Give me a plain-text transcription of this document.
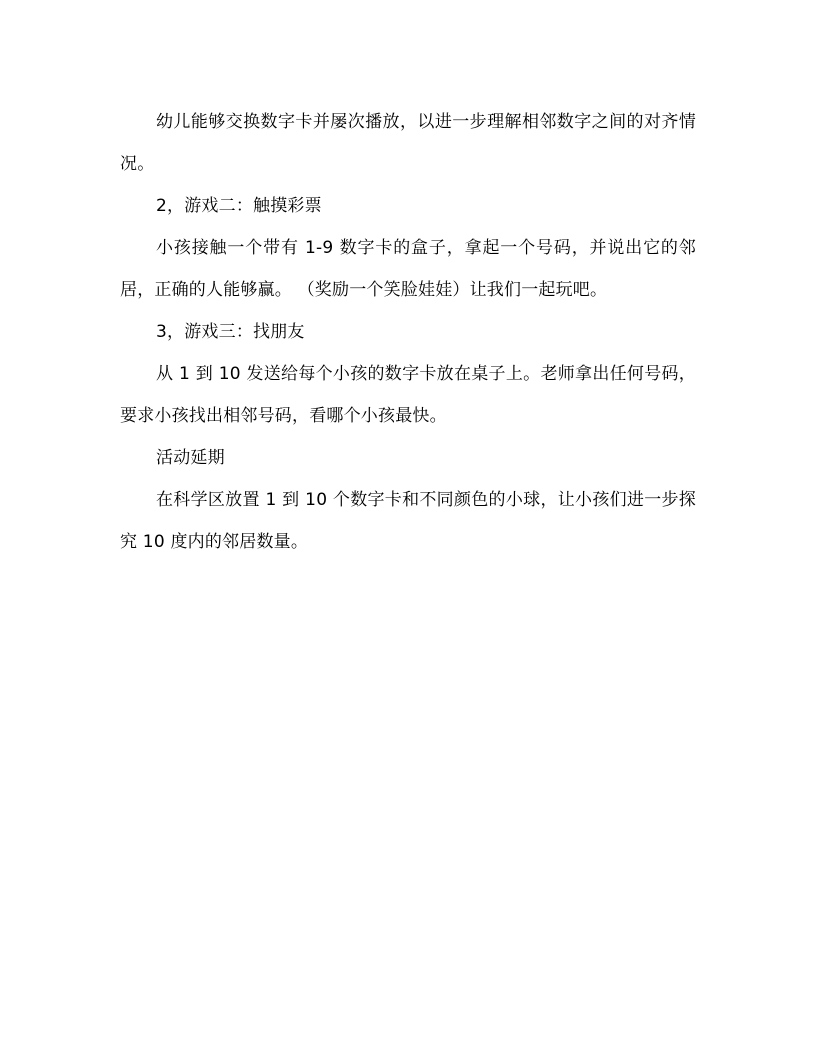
幼儿能够交换数字卡并屡次播放，以进一步理解相邻数字之间的对齐情况。

2，游戏二：触摸彩票

小孩接触一个带有 1-9 数字卡的盒子，拿起一个号码，并说出它的邻居，正确的人能够赢。 （奖励一个笑脸娃娃）让我们一起玩吧。

3，游戏三：找朋友

从 1 到 10 发送给每个小孩的数字卡放在桌子上。老师拿出任何号码，要求小孩找出相邻号码，看哪个小孩最快。

活动延期

在科学区放置 1 到 10 个数字卡和不同颜色的小球，让小孩们进一步探究 10 度内的邻居数量。
